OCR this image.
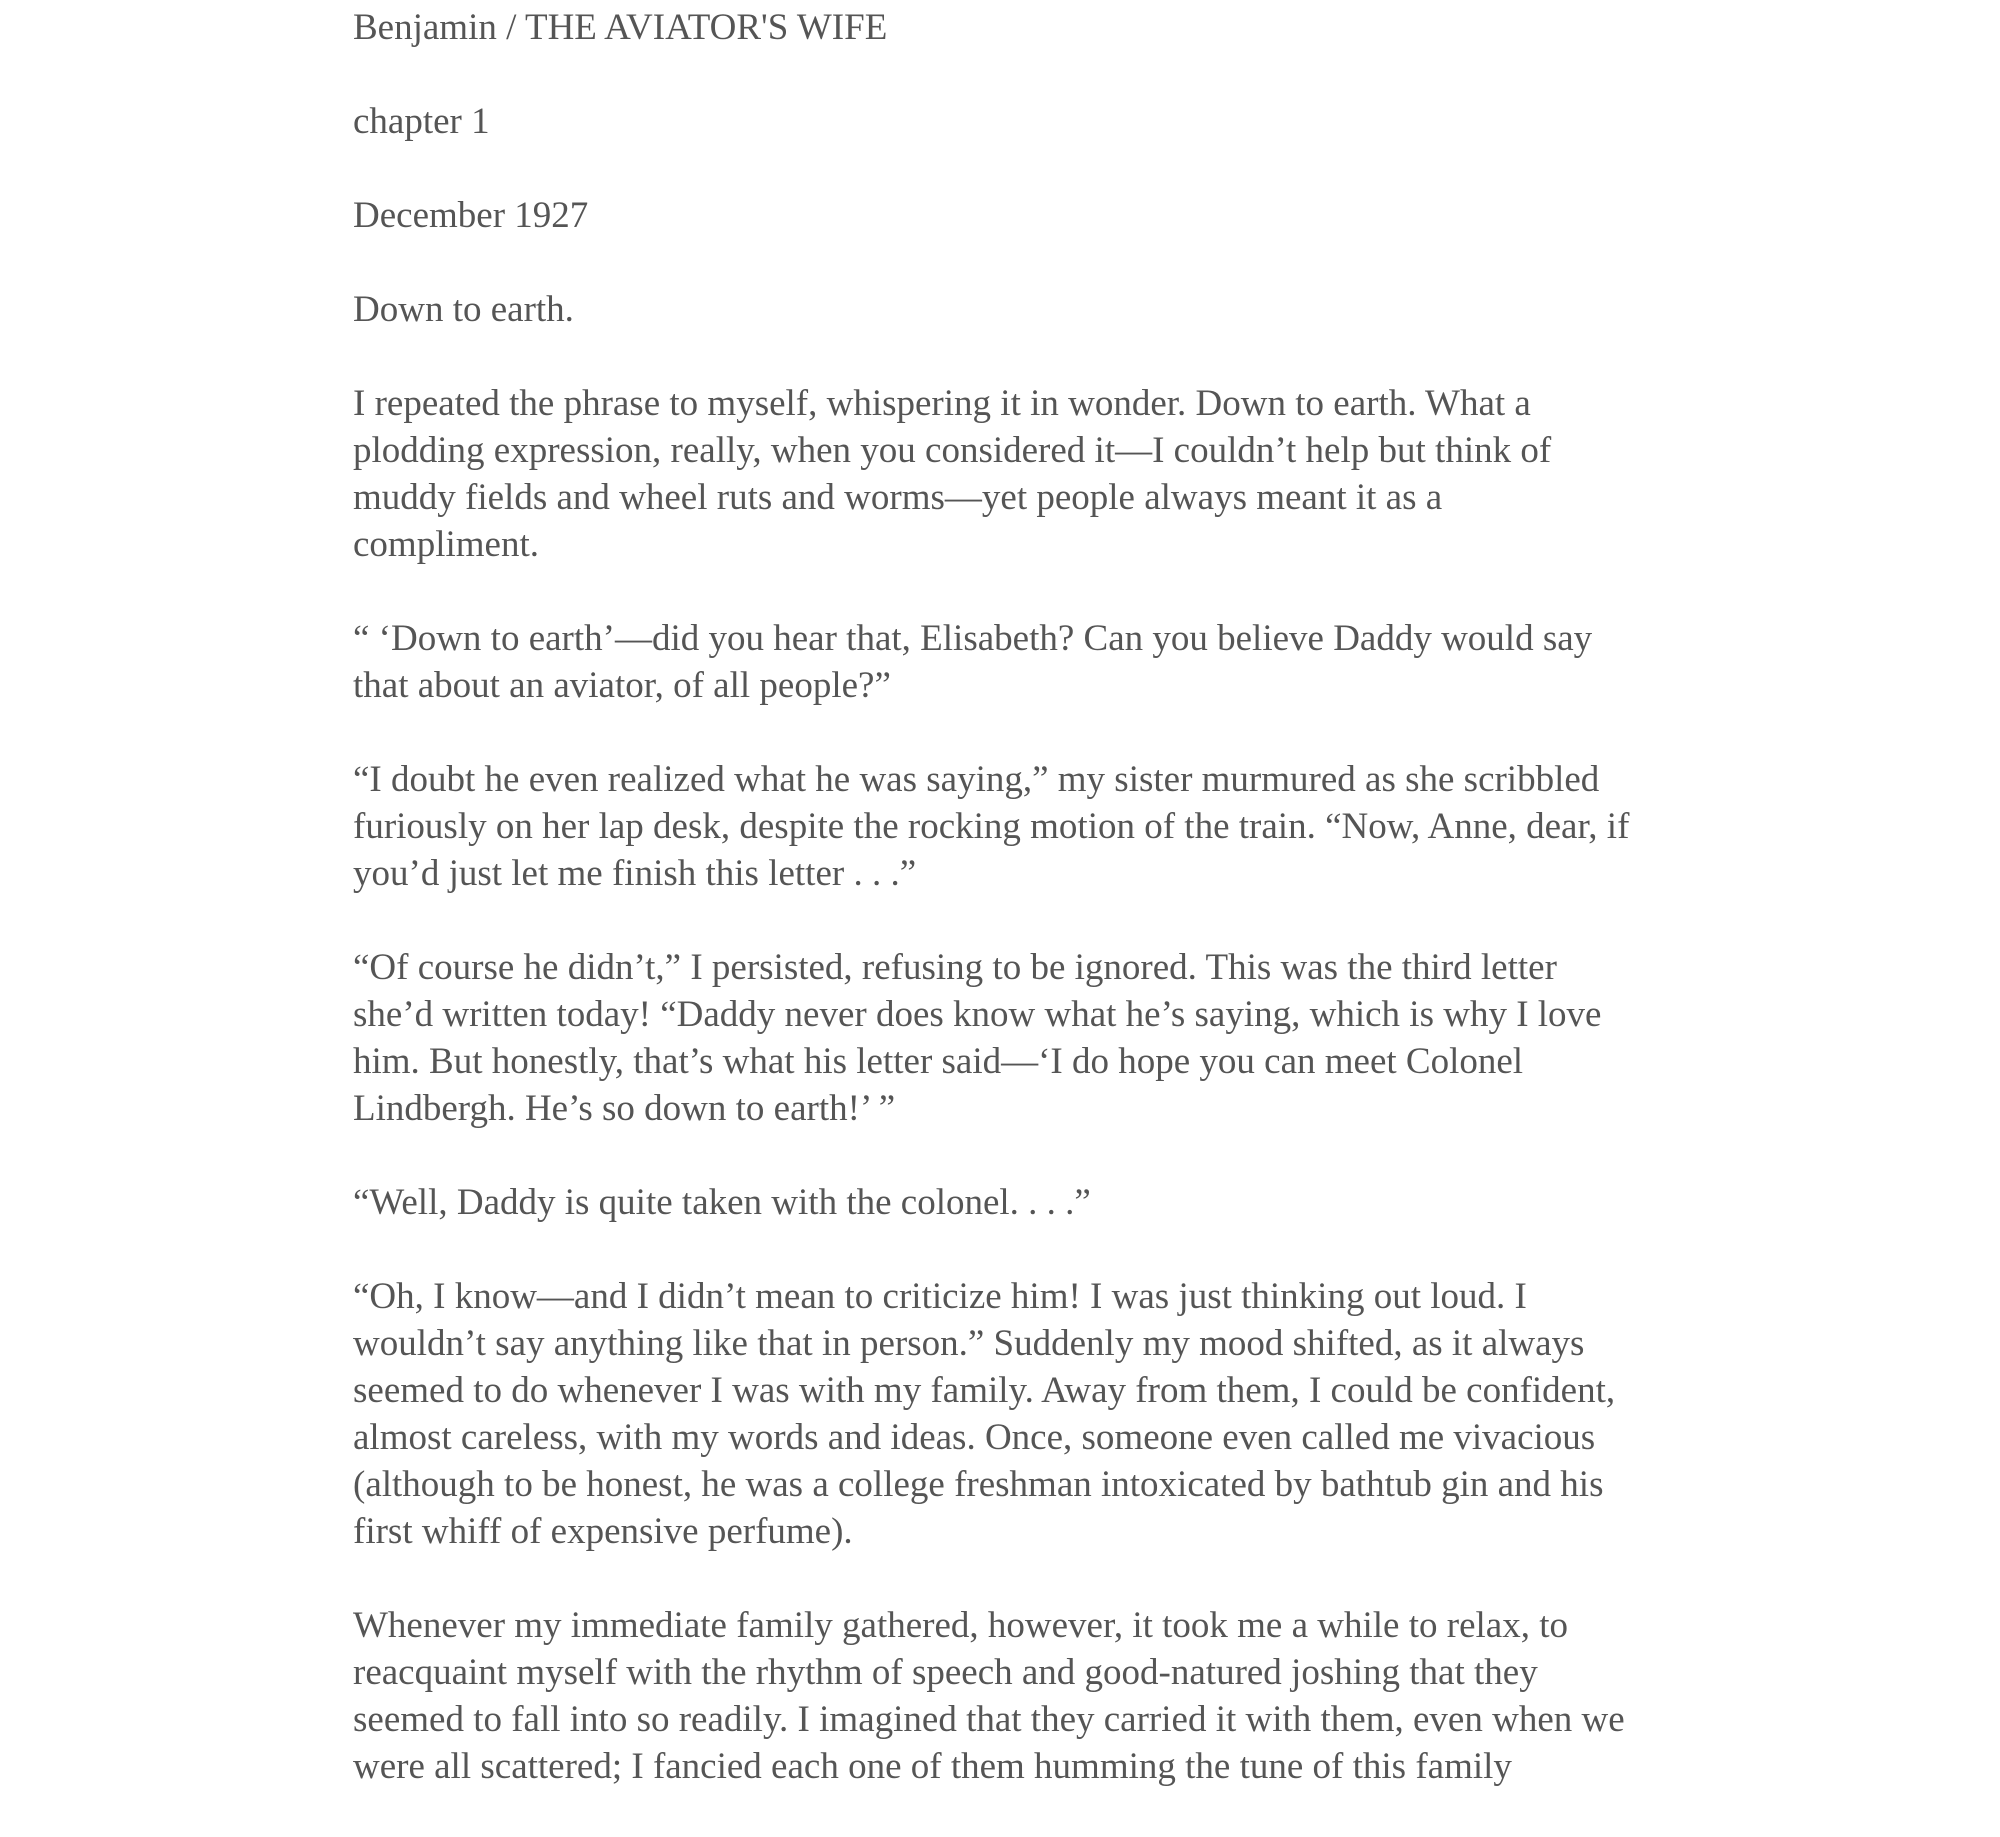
Benjamin / THE AVIATOR'S WIFE

chapter 1

December 1927

Down to earth.

I repeated the phrase to myself, whispering it in wonder. Down to earth. What a
plodding expression, really, when you considered it—I couldn’t help but think of
muddy fields and wheel ruts and worms—yet people always meant it as a
compliment.

“ ‘Down to earth’—did you hear that, Elisabeth? Can you believe Daddy would say
that about an aviator, of all people?”

“I doubt he even realized what he was saying,” my sister murmured as she scribbled
furiously on her lap desk, despite the rocking motion of the train. “Now, Anne, dear, if
you’d just let me finish this letter . . .”

“Of course he didn’t,” I persisted, refusing to be ignored. This was the third letter
she’d written today! “Daddy never does know what he’s saying, which is why I love
him. But honestly, that’s what his letter said—‘I do hope you can meet Colonel
Lindbergh. He’s so down to earth!’ ”

“Well, Daddy is quite taken with the colonel. . . .”

“Oh, I know—and I didn’t mean to criticize him! I was just thinking out loud. I
wouldn’t say anything like that in person.” Suddenly my mood shifted, as it always
seemed to do whenever I was with my family. Away from them, I could be confident,
almost careless, with my words and ideas. Once, someone even called me vivacious
(although to be honest, he was a college freshman intoxicated by bathtub gin and his
first whiff of expensive perfume).

Whenever my immediate family gathered, however, it took me a while to relax, to
reacquaint myself with the rhythm of speech and good-natured joshing that they
seemed to fall into so readily. I imagined that they carried it with them, even when we
were all scattered; I fancied each one of them humming the tune of this family
